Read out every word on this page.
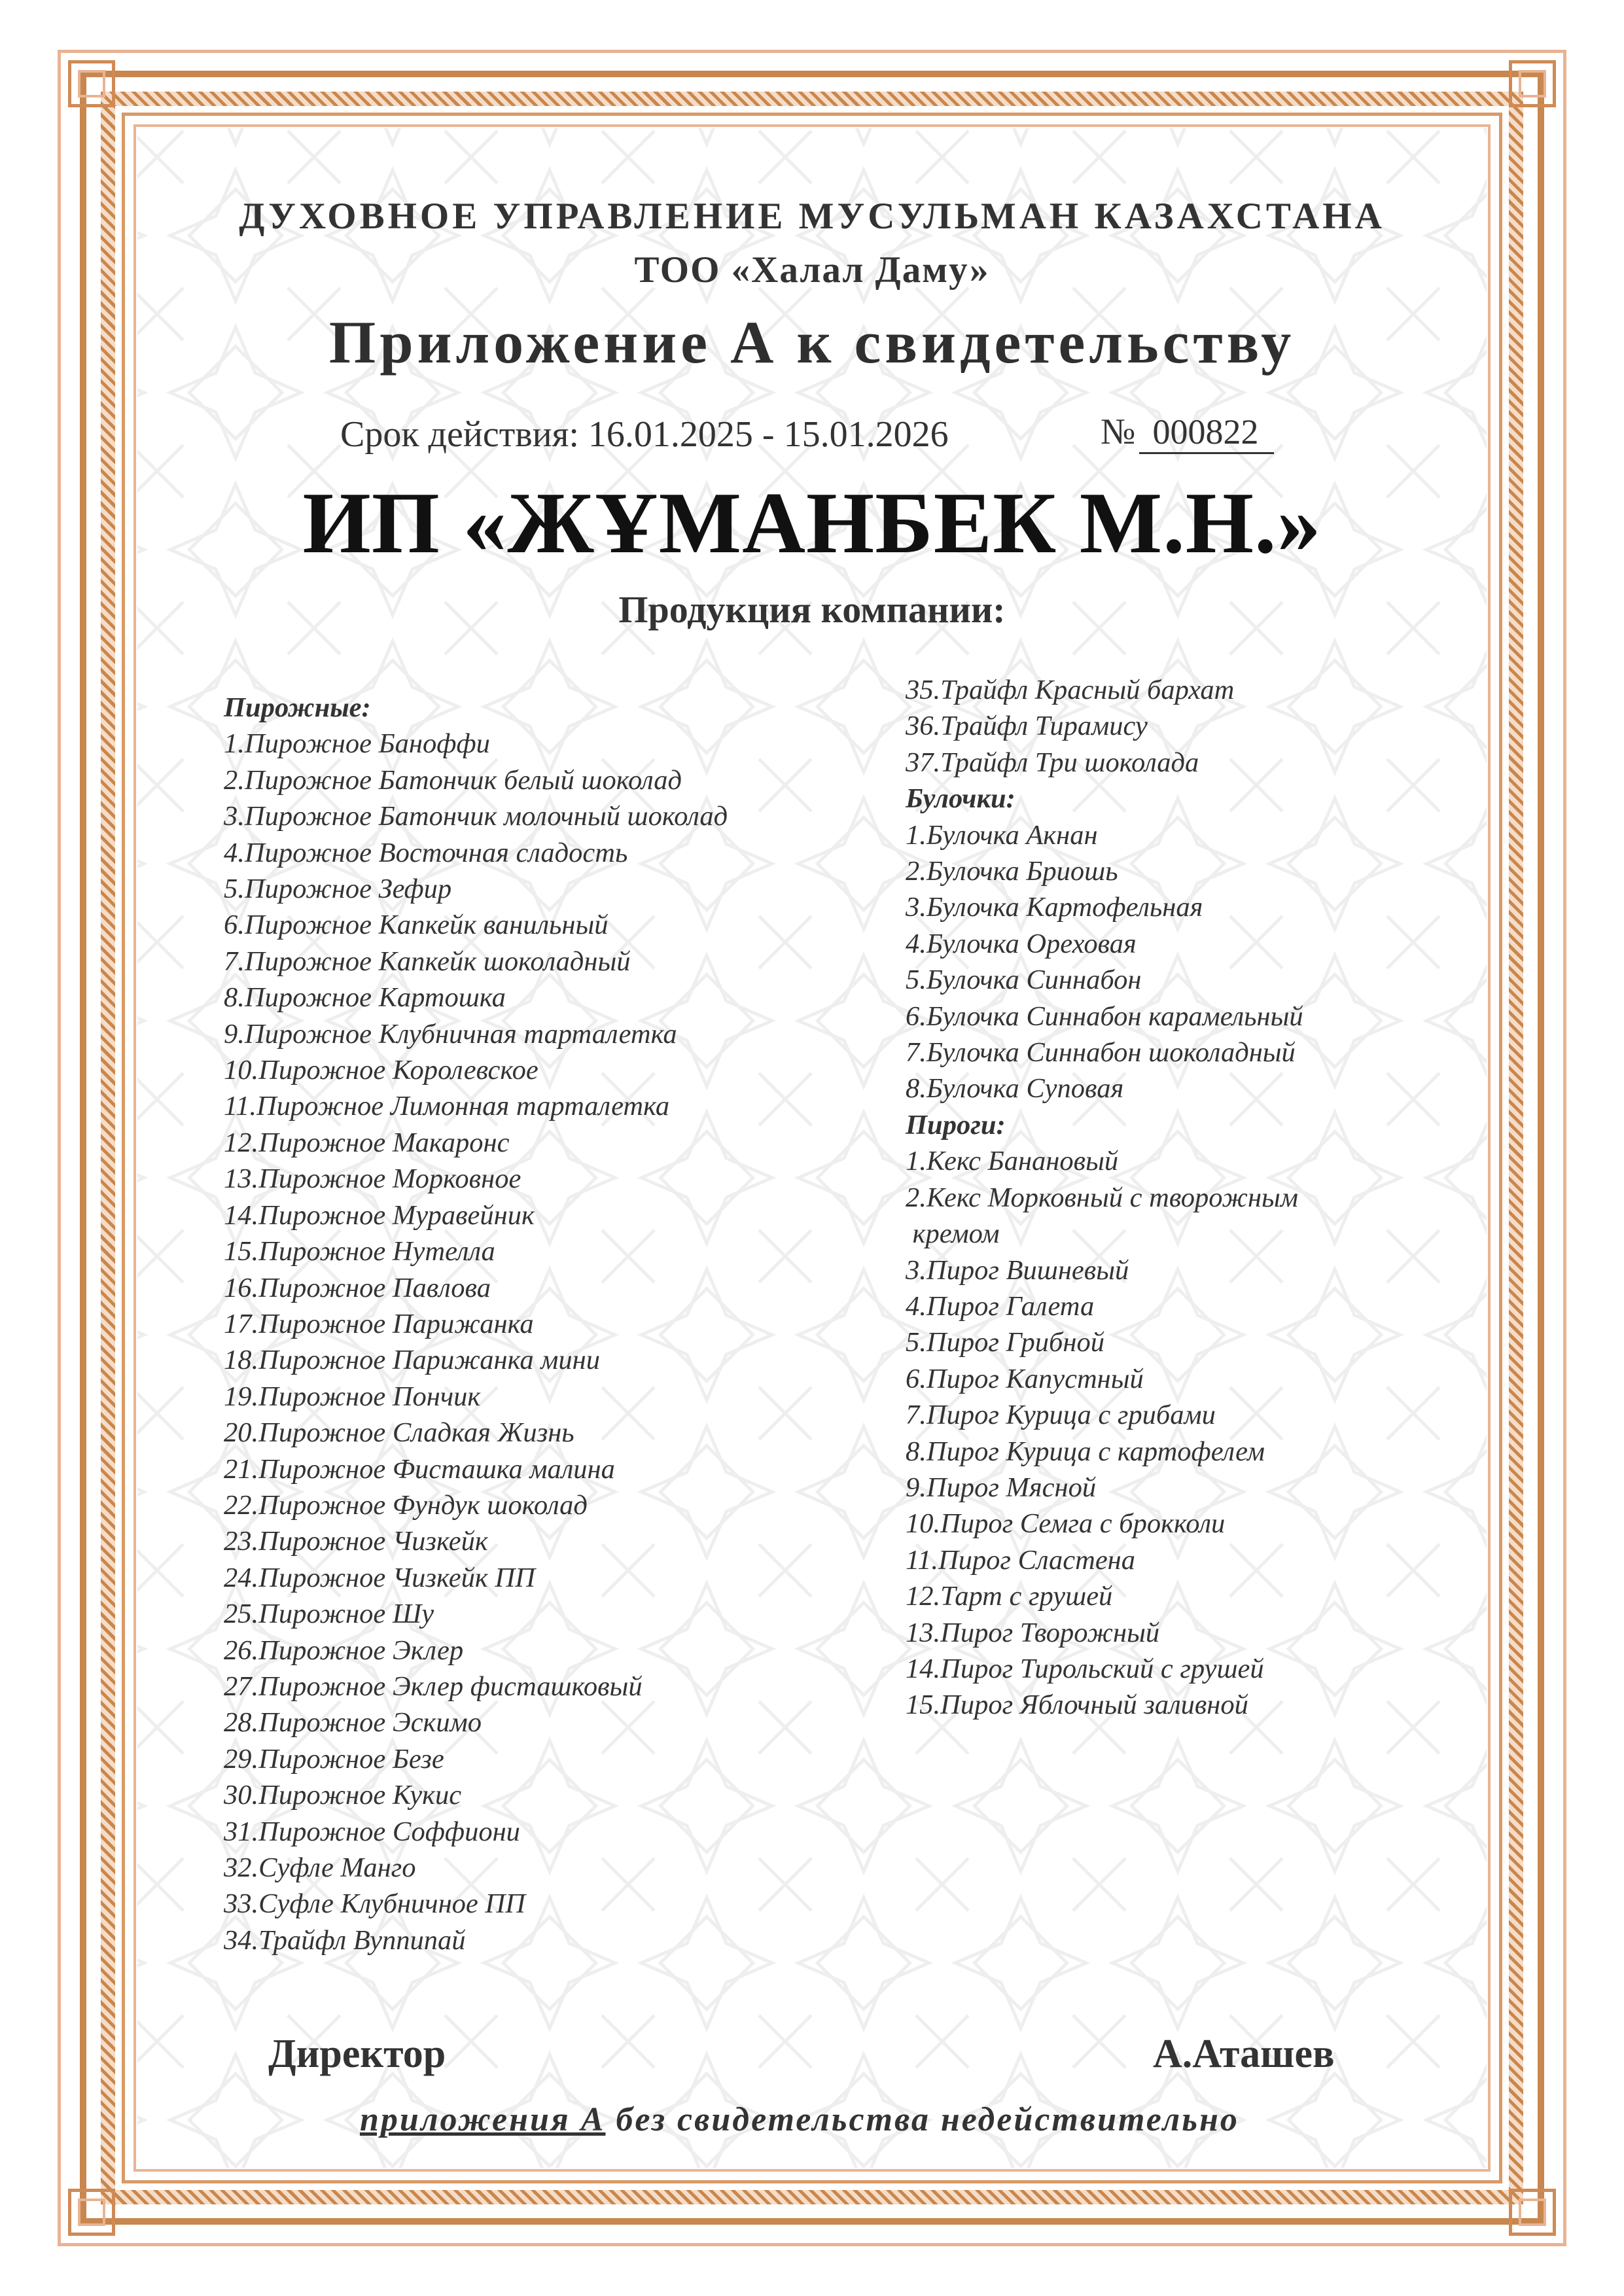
ДУХОВНОЕ УПРАВЛЕНИЕ МУСУЛЬМАН КАЗАХСТАНА
ТОО «Халал Даму»
Приложение А к свидетельству
Срок действия: 16.01.2025 - 15.01.2026	№ 000822
ИП «ЖҰМАНБЕК М.Н.»
Продукция компании:
Пирожные:
1.Пирожное Баноффи
2.Пирожное Батончик белый шоколад
3.Пирожное Батончик молочный шоколад
4.Пирожное Восточная сладость
5.Пирожное Зефир
6.Пирожное Капкейк ванильный
7.Пирожное Капкейк шоколадный
8.Пирожное Картошка
9.Пирожное Клубничная тарталетка
10.Пирожное Королевское
11.Пирожное Лимонная тарталетка
12.Пирожное Макаронс
13.Пирожное Морковное
14.Пирожное Муравейник
15.Пирожное Нутелла
16.Пирожное Павлова
17.Пирожное Парижанка
18.Пирожное Парижанка мини
19.Пирожное Пончик
20.Пирожное Сладкая Жизнь
21.Пирожное Фисташка малина
22.Пирожное Фундук шоколад
23.Пирожное Чизкейк
24.Пирожное Чизкейк ПП
25.Пирожное Шу
26.Пирожное Эклер
27.Пирожное Эклер фисташковый
28.Пирожное Эскимо
29.Пирожное Безе
30.Пирожное Кукис
31.Пирожное Соффиони
32.Суфле Манго
33.Суфле Клубничное ПП
34.Трайфл Вуппипай
35.Трайфл Красный бархат
36.Трайфл Тирамису
37.Трайфл Три шоколада
Булочки:
1.Булочка Акнан
2.Булочка Бриошь
3.Булочка Картофельная
4.Булочка Ореховая
5.Булочка Синнабон
6.Булочка Синнабон карамельный
7.Булочка Синнабон шоколадный
8.Булочка Суповая
Пироги:
1.Кекс Банановый
2.Кекс Морковный с творожным
кремом
3.Пирог Вишневый
4.Пирог Галета
5.Пирог Грибной
6.Пирог Капустный
7.Пирог Курица с грибами
8.Пирог Курица с картофелем
9.Пирог Мясной
10.Пирог Семга с брокколи
11.Пирог Сластена
12.Тарт с грушей
13.Пирог Творожный
14.Пирог Тирольский с грушей
15.Пирог Яблочный заливной
Директор	А.Аташев
приложения А без свидетельства недействительно
